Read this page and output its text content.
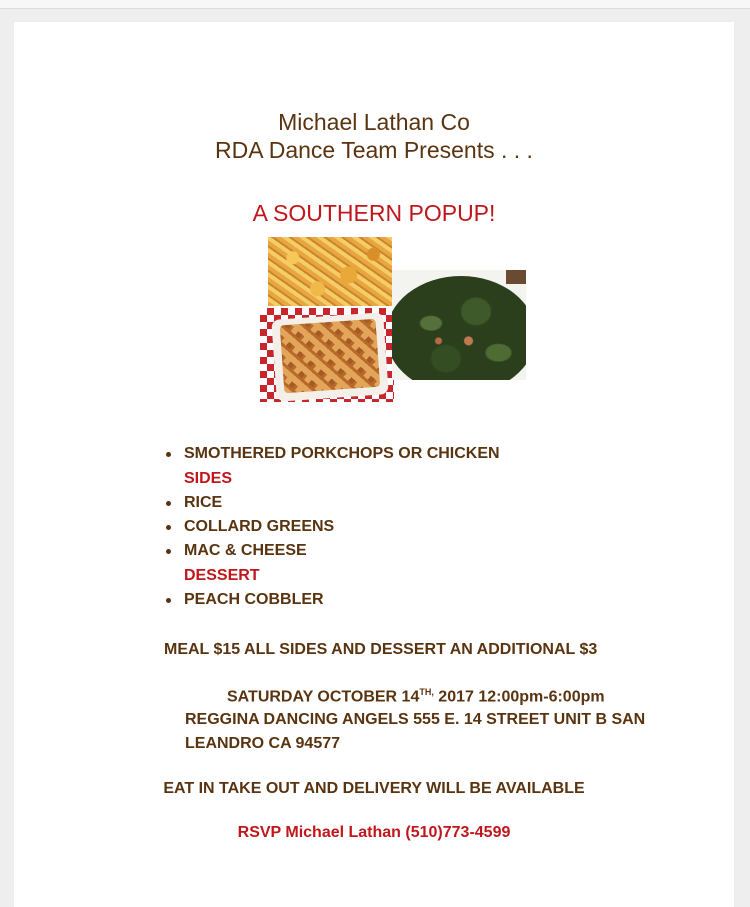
Michael Lathan Co
RDA Dance Team Presents . . .
A SOUTHERN POPUP!
SMOTHERED PORKCHOPS OR CHICKEN
SIDES
RICE
COLLARD GREENS
MAC & CHEESE
DESSERT
PEACH COBBLER
MEAL $15 ALL SIDES AND DESSERT AN ADDITIONAL $3
SATURDAY OCTOBER $14^{TH,}$ 2017 12:00pm-6:00pm
REGGINA DANCING ANGELS 555 E. 14 STREET UNIT B SAN
LEANDRO CA 94577
EAT IN TAKE OUT AND DELIVERY WILL BE AVAILABLE
RSVP Michael Lathan (510)773-4599
